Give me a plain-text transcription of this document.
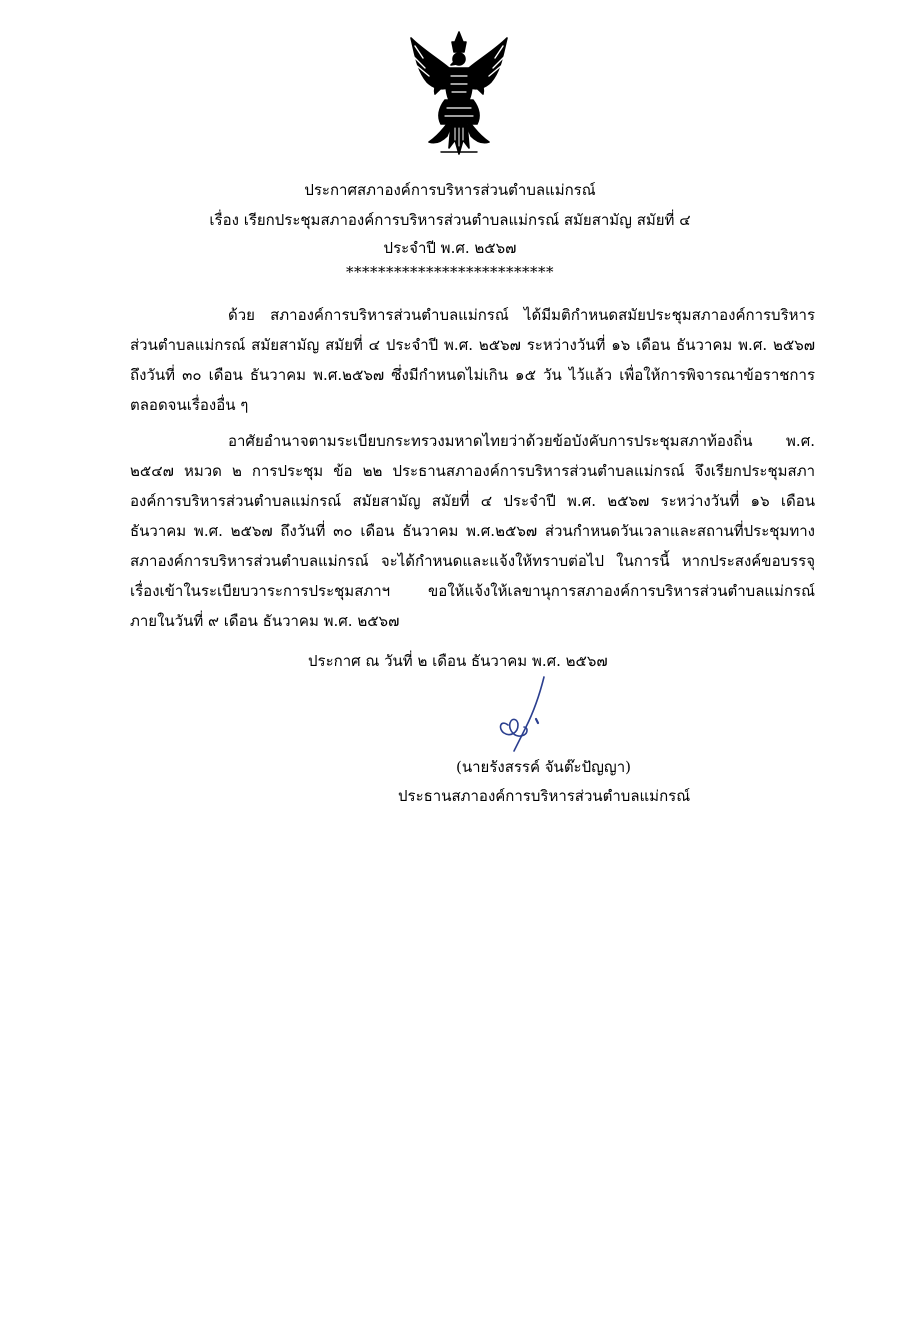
ประกาศสภาองค์การบริหารส่วนตำบลแม่กรณ์
เรื่อง เรียกประชุมสภาองค์การบริหารส่วนตำบลแม่กรณ์ สมัยสามัญ สมัยที่ ๔
ประจำปี พ.ศ. ๒๕๖๗
**************************

ด้วย สภาองค์การบริหารส่วนตำบลแม่กรณ์ ได้มีมติกำหนดสมัยประชุมสภาองค์การบริหารส่วนตำบลแม่กรณ์ สมัยสามัญ สมัยที่ ๔ ประจำปี พ.ศ. ๒๕๖๗ ระหว่างวันที่ ๑๖ เดือน ธันวาคม พ.ศ. ๒๕๖๗ ถึงวันที่ ๓๐ เดือน ธันวาคม พ.ศ.๒๕๖๗ ซึ่งมีกำหนดไม่เกิน ๑๕ วัน ไว้แล้ว เพื่อให้การพิจารณาข้อราชการตลอดจนเรื่องอื่น ๆ

อาศัยอำนาจตามระเบียบกระทรวงมหาดไทยว่าด้วยข้อบังคับการประชุมสภาท้องถิ่น พ.ศ. ๒๕๔๗ หมวด ๒ การประชุม ข้อ ๒๒ ประธานสภาองค์การบริหารส่วนตำบลแม่กรณ์ จึงเรียกประชุมสภาองค์การบริหารส่วนตำบลแม่กรณ์ สมัยสามัญ สมัยที่ ๔ ประจำปี พ.ศ. ๒๕๖๗ ระหว่างวันที่ ๑๖ เดือน ธันวาคม พ.ศ. ๒๕๖๗ ถึงวันที่ ๓๐ เดือน ธันวาคม พ.ศ.๒๕๖๗ ส่วนกำหนดวันเวลาและสถานที่ประชุมทางสภาองค์การบริหารส่วนตำบลแม่กรณ์ จะได้กำหนดและแจ้งให้ทราบต่อไป ในการนี้ หากประสงค์ขอบรรจุเรื่องเข้าในระเบียบวาระการประชุมสภาฯ ขอให้แจ้งให้เลขานุการสภาองค์การบริหารส่วนตำบลแม่กรณ์ ภายในวันที่ ๙ เดือน ธันวาคม พ.ศ. ๒๕๖๗

ประกาศ ณ วันที่ ๒ เดือน ธันวาคม พ.ศ. ๒๕๖๗
(นายรังสรรค์ จันต๊ะปัญญา)
ประธานสภาองค์การบริหารส่วนตำบลแม่กรณ์
